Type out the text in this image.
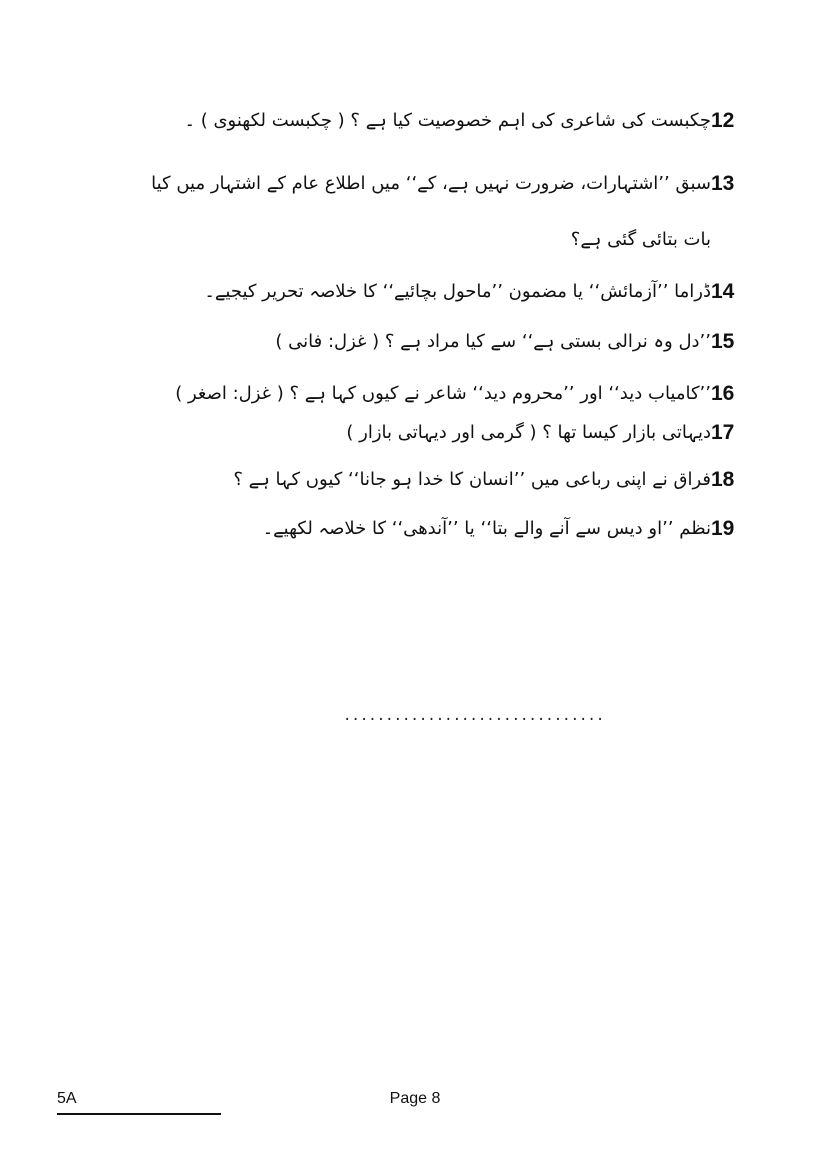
12
چکبست کی شاعری کی اہم خصوصیت کیا ہے ؟ ( چکبست لکھنوی ) ۔
13
سبق ’’اشتہارات، ضرورت نہیں ہے، کے‘‘ میں اطلاع عام کے اشتہار میں کیا بات بتائی گئی ہے؟
14
ڈراما ’’آزمائش‘‘ یا مضمون ’’ماحول بچائیے‘‘ کا خلاصہ تحریر کیجیے۔
15
’’دل وہ نرالی بستی ہے‘‘ سے کیا مراد ہے ؟ ( غزل: فانی )
16
’’کامیاب دید‘‘ اور ’’محروم دید‘‘ شاعر نے کیوں کہا ہے ؟ ( غزل: اصغر )
17
دیہاتی بازار کیسا تھا ؟ ( گرمی اور دیہاتی بازار )
18
فراق نے اپنی رباعی میں ’’انسان کا خدا ہو جانا‘‘ کیوں کہا ہے ؟
19
نظم ’’او دیس سے آنے والے بتا‘‘ یا ’’آندھی‘‘ کا خلاصہ لکھیے۔
...............................
5A	Page 8
